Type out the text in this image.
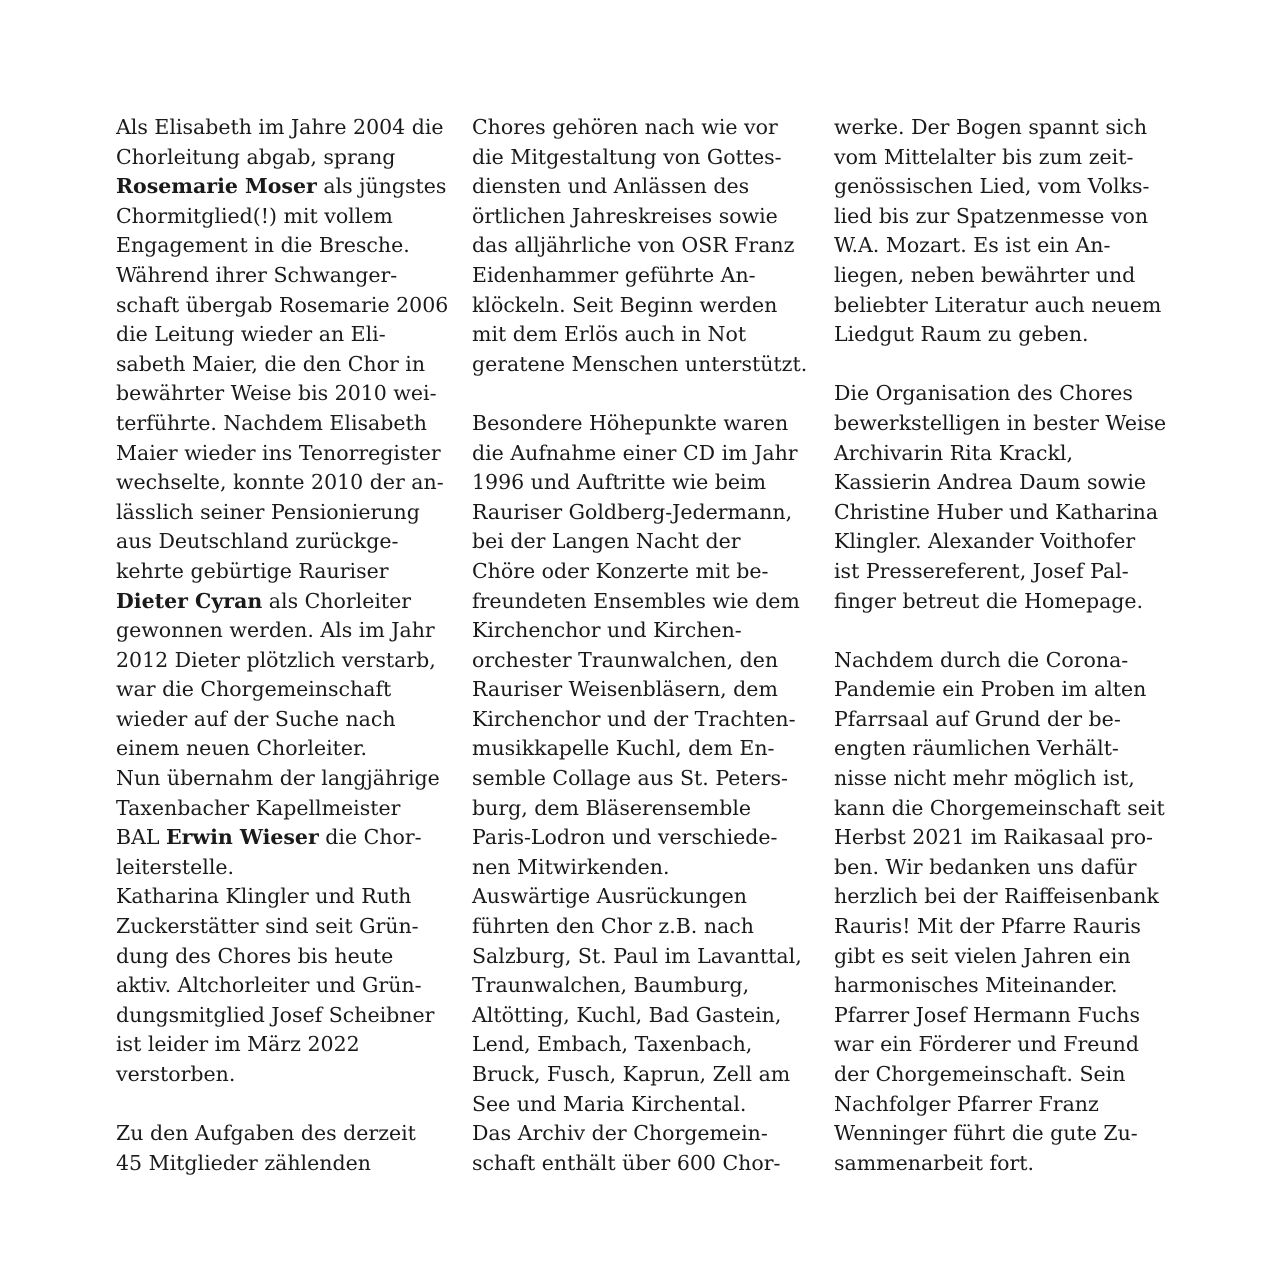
Als Elisabeth im Jahre 2004 die
Chorleitung abgab, sprang
Rosemarie Moser als jüngstes
Chormitglied(!) mit vollem
Engagement in die Bresche.
Während ihrer Schwanger-
schaft übergab Rosemarie 2006
die Leitung wieder an Eli-
sabeth Maier, die den Chor in
bewährter Weise bis 2010 wei-
terführte. Nachdem Elisabeth
Maier wieder ins Tenorregister
wechselte, konnte 2010 der an-
lässlich seiner Pensionierung
aus Deutschland zurückge-
kehrte gebürtige Rauriser
Dieter Cyran als Chorleiter
gewonnen werden. Als im Jahr
2012 Dieter plötzlich verstarb,
war die Chorgemeinschaft
wieder auf der Suche nach
einem neuen Chorleiter.
Nun übernahm der langjährige
Taxenbacher Kapellmeister
BAL Erwin Wieser die Chor-
leiterstelle.
Katharina Klingler und Ruth
Zuckerstätter sind seit Grün-
dung des Chores bis heute
aktiv. Altchorleiter und Grün-
dungsmitglied Josef Scheibner
ist leider im März 2022
verstorben.
Zu den Aufgaben des derzeit
45 Mitglieder zählenden
Chores gehören nach wie vor
die Mitgestaltung von Gottes-
diensten und Anlässen des
örtlichen Jahreskreises sowie
das alljährliche von OSR Franz
Eidenhammer geführte An-
klöckeln. Seit Beginn werden
mit dem Erlös auch in Not
geratene Menschen unterstützt.
Besondere Höhepunkte waren
die Aufnahme einer CD im Jahr
1996 und Auftritte wie beim
Rauriser Goldberg-Jedermann,
bei der Langen Nacht der
Chöre oder Konzerte mit be-
freundeten Ensembles wie dem
Kirchenchor und Kirchen-
orchester Traunwalchen, den
Rauriser Weisenbläsern, dem
Kirchenchor und der Trachten-
musikkapelle Kuchl, dem En-
semble Collage aus St. Peters-
burg, dem Bläserensemble
Paris-Lodron und verschiede-
nen Mitwirkenden.
Auswärtige Ausrückungen
führten den Chor z.B. nach
Salzburg, St. Paul im Lavanttal,
Traunwalchen, Baumburg,
Altötting, Kuchl, Bad Gastein,
Lend, Embach, Taxenbach,
Bruck, Fusch, Kaprun, Zell am
See und Maria Kirchental.
Das Archiv der Chorgemein-
schaft enthält über 600 Chor-
werke. Der Bogen spannt sich
vom Mittelalter bis zum zeit-
genössischen Lied, vom Volks-
lied bis zur Spatzenmesse von
W.A. Mozart. Es ist ein An-
liegen, neben bewährter und
beliebter Literatur auch neuem
Liedgut Raum zu geben.
Die Organisation des Chores
bewerkstelligen in bester Weise
Archivarin Rita Krackl,
Kassierin Andrea Daum sowie
Christine Huber und Katharina
Klingler. Alexander Voithofer
ist Pressereferent, Josef Pal-
finger betreut die Homepage.
Nachdem durch die Corona-
Pandemie ein Proben im alten
Pfarrsaal auf Grund der be-
engten räumlichen Verhält-
nisse nicht mehr möglich ist,
kann die Chorgemeinschaft seit
Herbst 2021 im Raikasaal pro-
ben. Wir bedanken uns dafür
herzlich bei der Raiffeisenbank
Rauris! Mit der Pfarre Rauris
gibt es seit vielen Jahren ein
harmonisches Miteinander.
Pfarrer Josef Hermann Fuchs
war ein Förderer und Freund
der Chorgemeinschaft. Sein
Nachfolger Pfarrer Franz
Wenninger führt die gute Zu-
sammenarbeit fort.
